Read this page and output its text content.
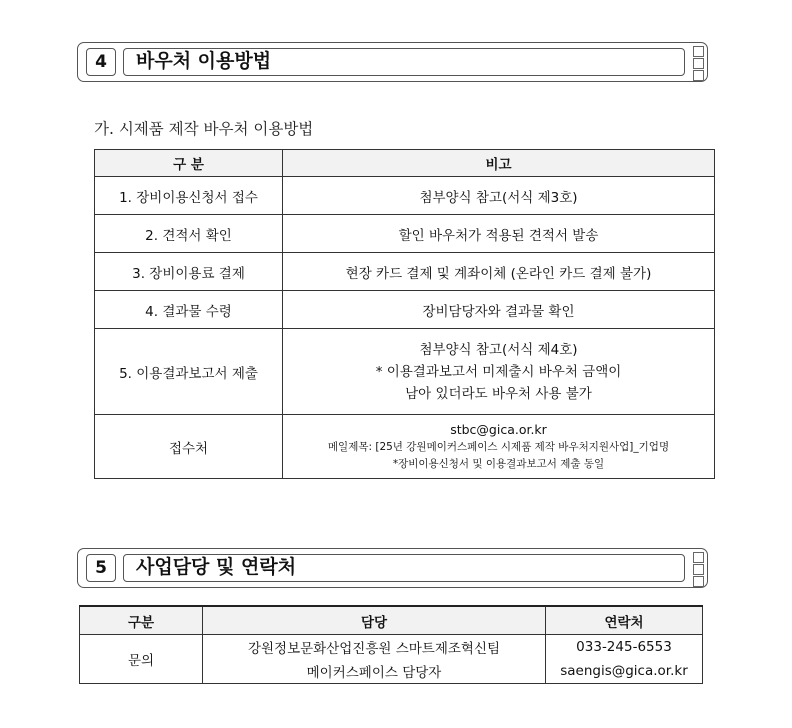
4	바우처 이용방법
가. 시제품 제작 바우처 이용방법
구 분	비고
1. 장비이용신청서 접수	첨부양식 참고(서식 제3호)
2. 견적서 확인	할인 바우처가 적용된 견적서 발송
3. 장비이용료 결제	현장 카드 결제 및 계좌이체 (온라인 카드 결제 불가)
4. 결과물 수령	장비담당자와 결과물 확인
5. 이용결과보고서 제출	첨부양식 참고(서식 제4호)
* 이용결과보고서 미제출시 바우처 금액이
남아 있더라도 바우처 사용 불가

접수처	stbc@gica.or.kr
메일제목: [25년 강원메이커스페이스 시제품 제작 바우처지원사업]_기업명
*장비이용신청서 및 이용결과보고서 제출 동일
5	사업담당 및 연락처
구분	담당	연락처
문의	강원정보문화산업진흥원 스마트제조혁신팀	033-245-6553
	메이커스페이스 담당자	saengis@gica.or.kr
